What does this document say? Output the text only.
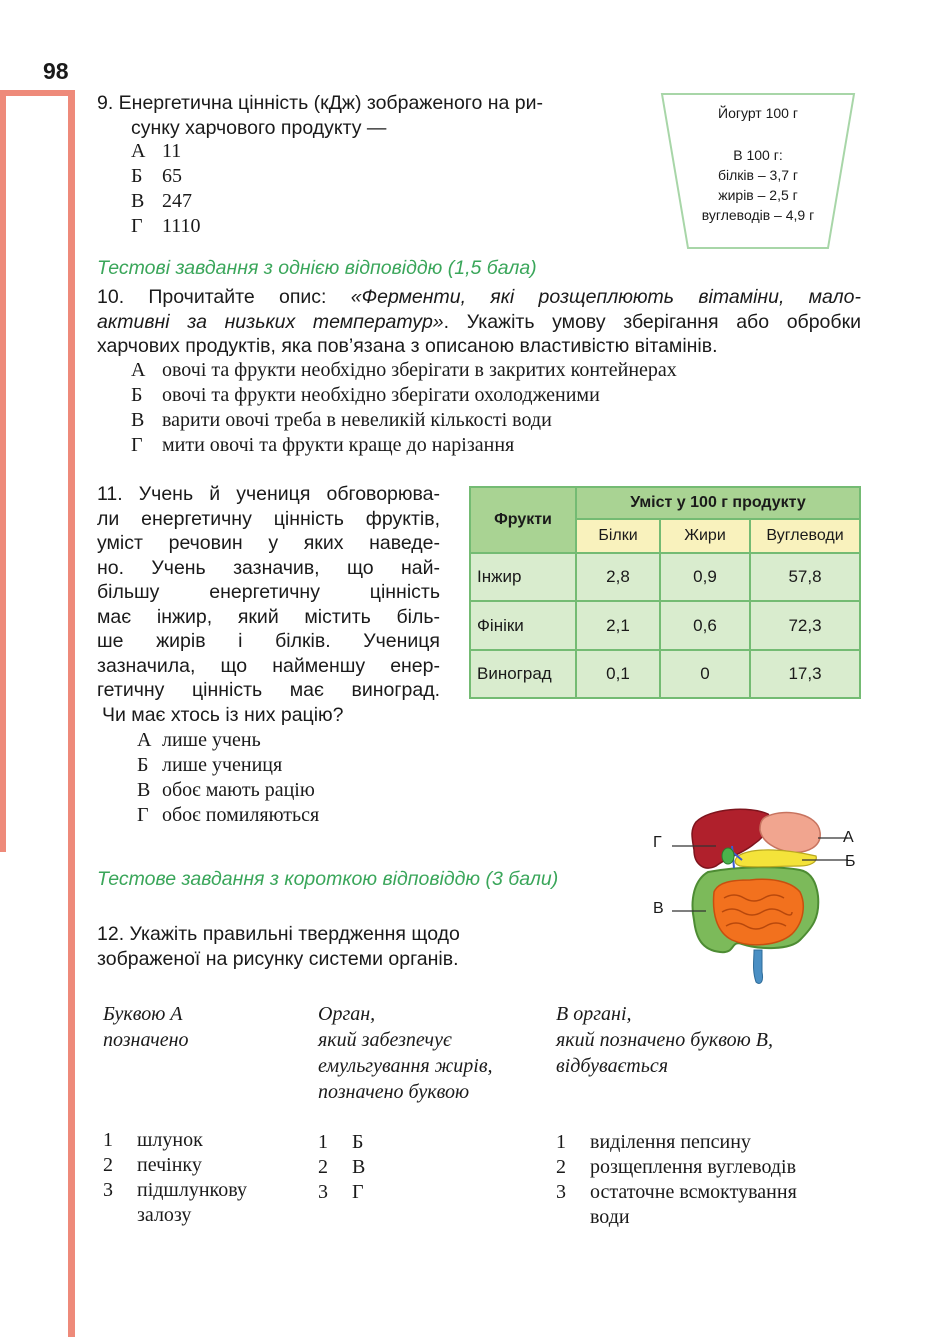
98
9. Енергетична цінність (кДж) зображеного на ри-
сунку харчового продукту —
А 11
Б 65
В 247
Г 1110
Йогурт 100 г
В 100 г:
білків – 3,7 г
жирів – 2,5 г
вуглеводів – 4,9 г
Тестові завдання з однією відповіддю (1,5 бала)
10. Прочитайте опис: «Ферменти, які розщеплюють вітаміни, мало-
активні за низьких температур». Укажіть умову зберігання або обробки
харчових продуктів, яка пов’язана з описаною властивістю вітамінів.
А овочі та фрукти необхідно зберігати в закритих контейнерах
Б овочі та фрукти необхідно зберігати охолодженими
В варити овочі треба в невеликій кількості води
Г мити овочі та фрукти краще до нарізання
11. Учень й учениця обговорюва-
ли енергетичну цінність фруктів,
уміст речовин у яких наведе-
но. Учень зазначив, що най-
більшу енергетичну цінність
має інжир, який містить біль-
ше жирів і білків. Учениця
зазначила, що найменшу енер-
гетичну цінність має виноград.
Чи має хтось із них рацію?
А лише учень
Б лише учениця
В обоє мають рацію
Г обоє помиляються
Фрукти	Уміст у 100 г продукту		
	Білки	Жири	Вуглеводи
Інжир	2,8	0,9	57,8
Фініки	2,1	0,6	72,3
Виноград	0,1	0	17,3
Г	А
Б
В
Тестове завдання з короткою відповіддю (3 бали)
12. Укажіть правильні твердження щодо
зображеної на рисунку системи органів.
Буквою А
позначено
Орган,
який забезпечує
емульгування жирів,
позначено буквою
В органі,
який позначено буквою В,
відбувається
1	шлунок
2	печінку
3	підшлункову
залозу
1	Б
2	В
3	Г
1	виділення пепсину
2	розщеплення вуглеводів
3	остаточне всмоктування
води
